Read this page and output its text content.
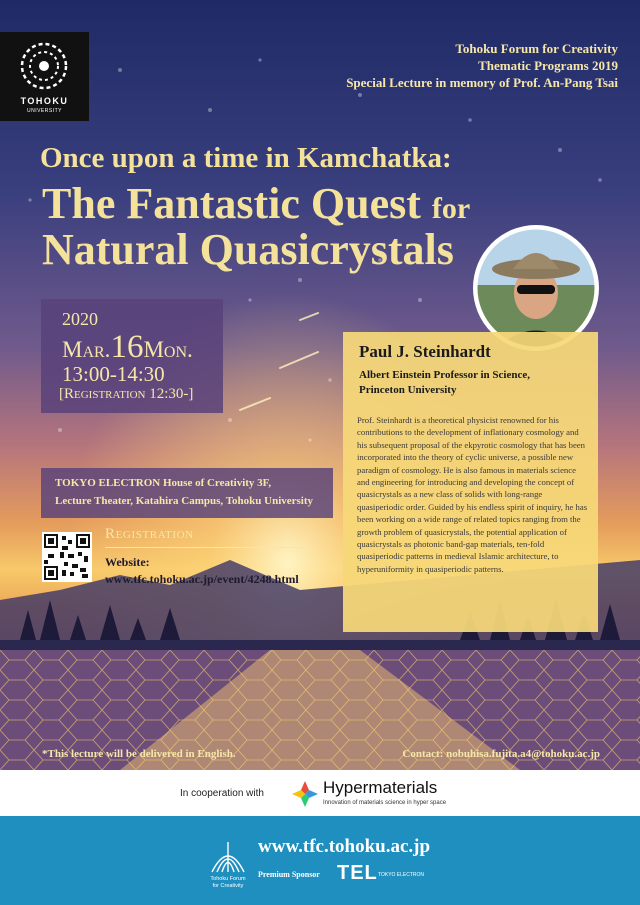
TOHOKU
UNIVERSITY
Tohoku Forum for Creativity
Thematic Programs 2019
Special Lecture in memory of Prof. An-Pang Tsai
Once upon a time in Kamchatka:
The Fantastic Quest for
Natural Quasicrystals
2020
Mar.16Mon.
13:00-14:30
[Registration 12:30-]
Paul J. Steinhardt
Albert Einstein Professor in Science,
Princeton University
Prof. Steinhardt is a theoretical physicist renowned for his contributions to the development of inflationary cosmology and his subsequent proposal of the ekpyrotic cosmology that has been incorporated into the theory of cyclic universe, a possible new paradigm of cosmology. He is also famous in materials science and engineering for introducing and developing the concept of quasicrystals as a new class of solids with long-range quasiperiodic order. Guided by his endless spirit of inquiry, he has been working on a wide range of related topics ranging from the growth problem of quasicrystals, the potential application of quasicrystals as photonic band-gap materials, ten-fold quasiperiodic patterns in medieval Islamic architecture, to hyperuniformity in quasiperiodic patterns.
TOKYO ELECTRON House of Creativity 3F,
Lecture Theater, Katahira Campus, Tohoku University
Registration
Website:
www.tfc.tohoku.ac.jp/event/4248.html
*This lecture will be delivered in English.	Contact: nobuhisa.fujita.a4@tohoku.ac.jp
In cooperation with	Hypermaterials
Innovation of materials science in hyper space
Tohoku Forum
for Creativity
www.tfc.tohoku.ac.jp
Premium Sponsor TEL TOKYO ELECTRON
